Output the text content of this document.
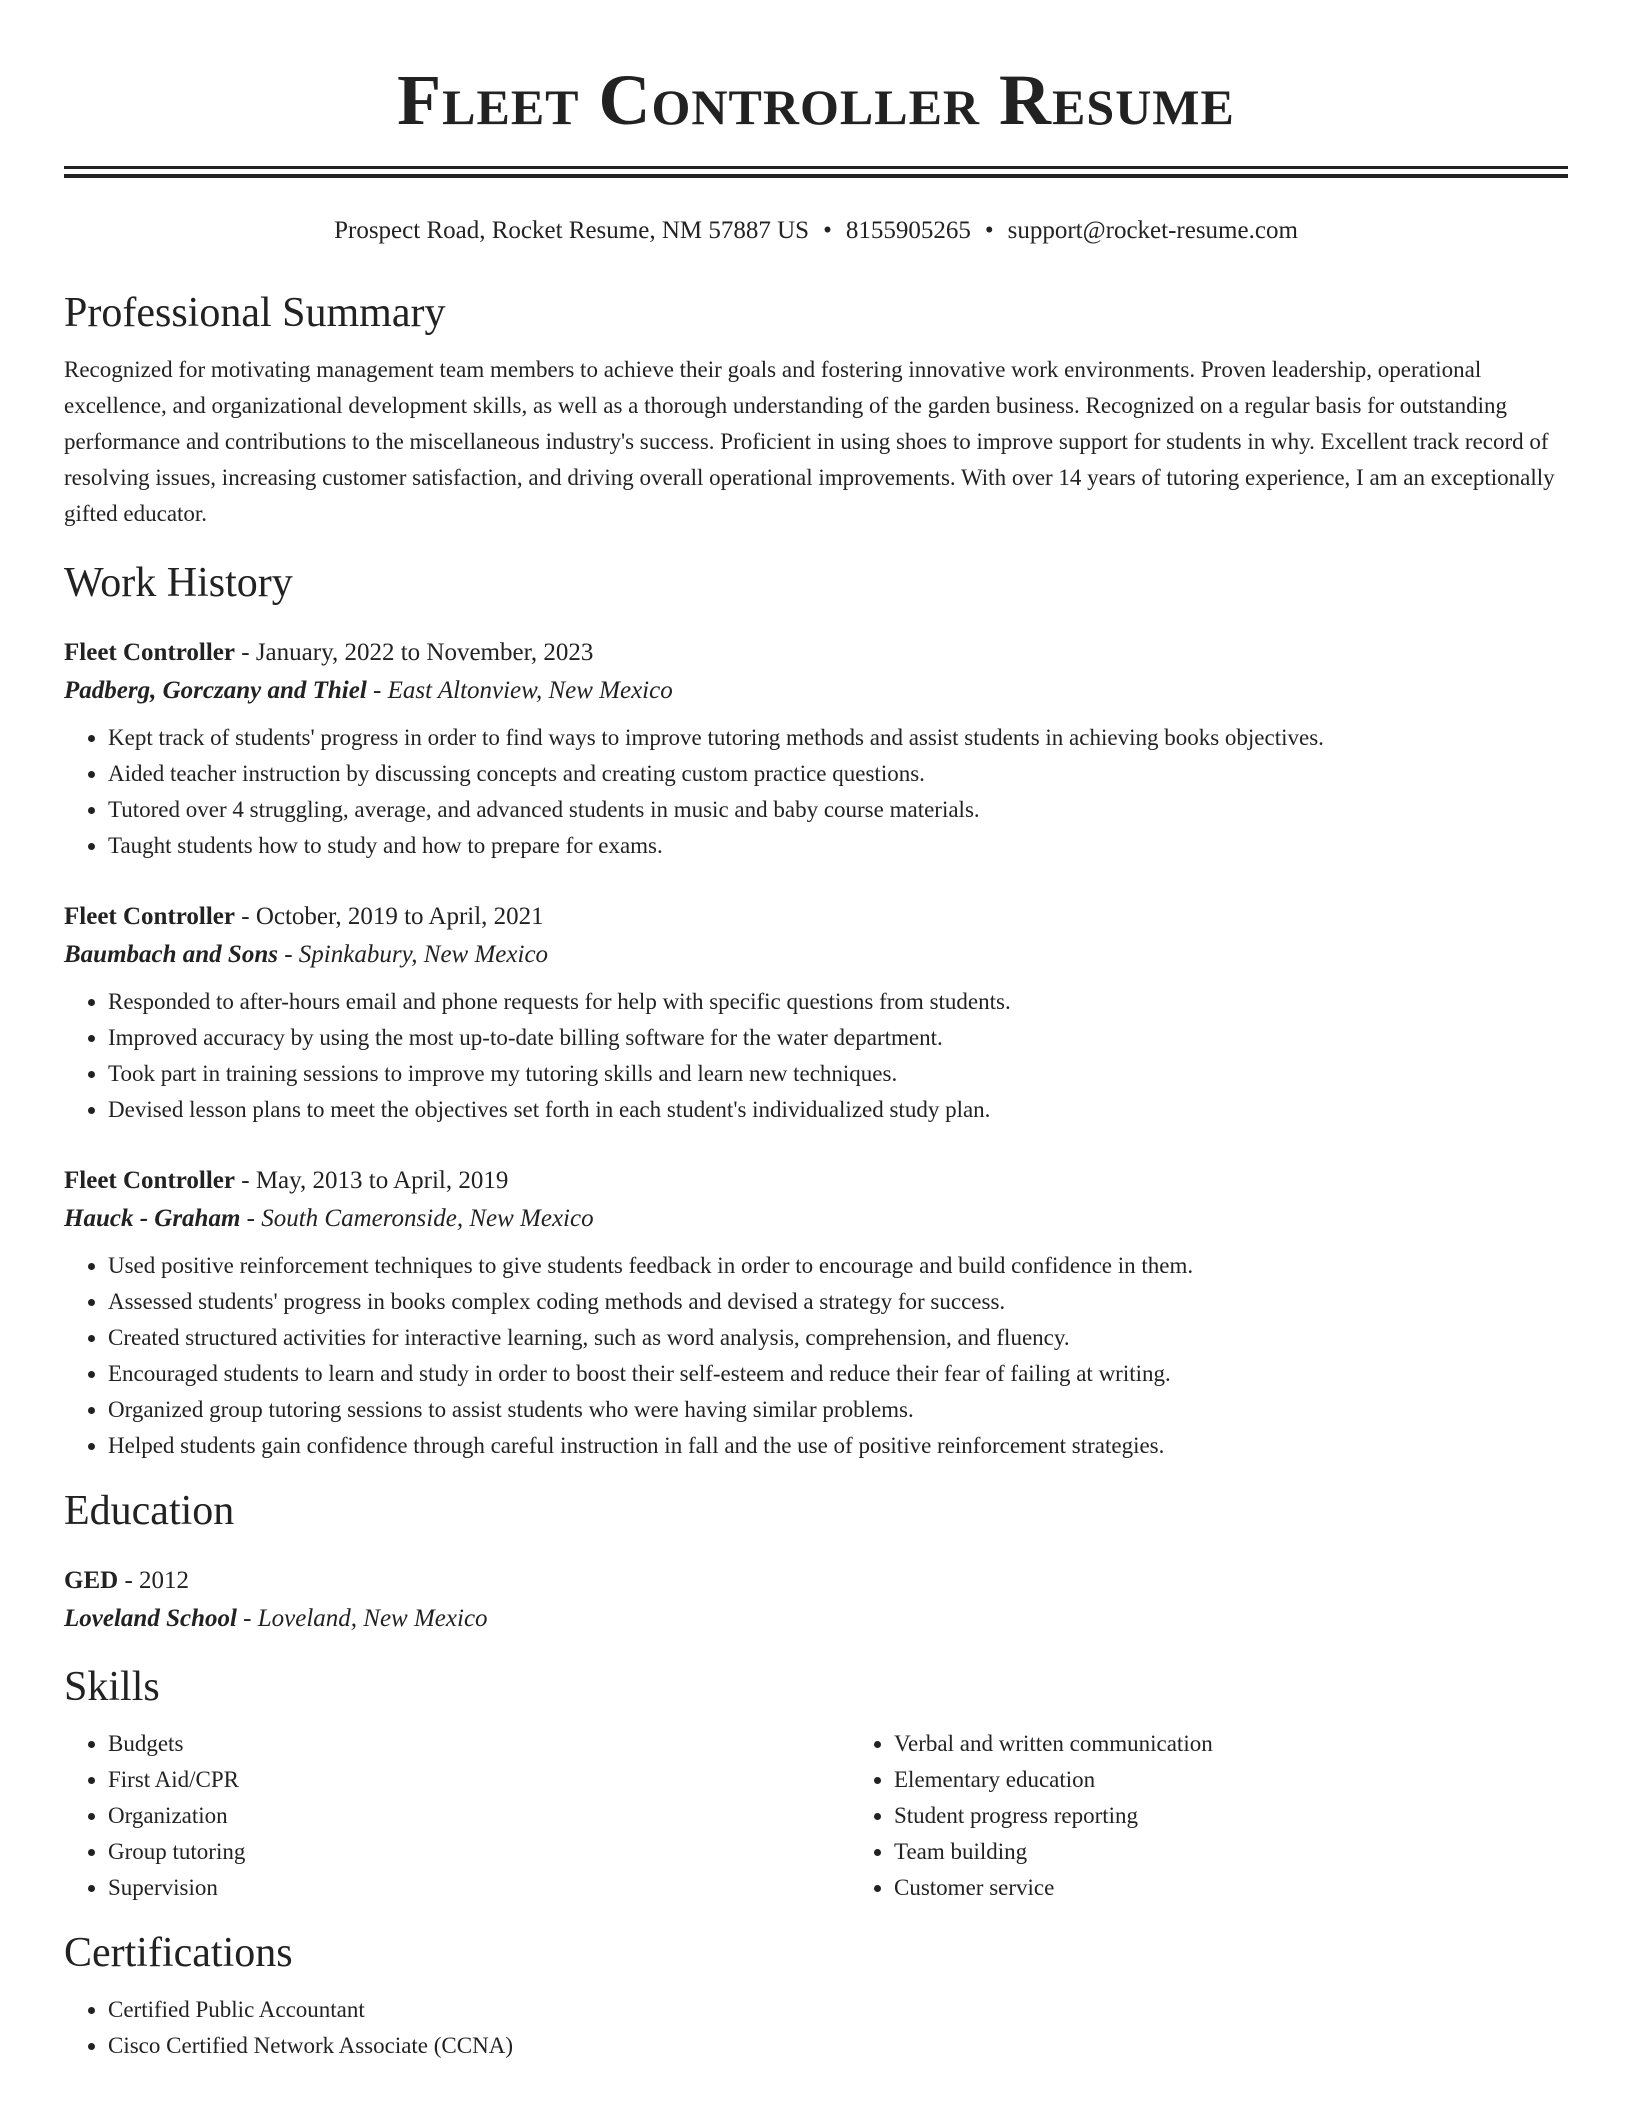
Fleet Controller Resume
Prospect Road, Rocket Resume, NM 57887 US • 8155905265 • support@rocket-resume.com
Professional Summary

Recognized for motivating management team members to achieve their goals and fostering innovative work environments. Proven leadership, operational excellence, and organizational development skills, as well as a thorough understanding of the garden business. Recognized on a regular basis for outstanding performance and contributions to the miscellaneous industry's success. Proficient in using shoes to improve support for students in why. Excellent track record of resolving issues, increasing customer satisfaction, and driving overall operational improvements. With over 14 years of tutoring experience, I am an exceptionally gifted educator.

Work History
Fleet Controller - January, 2022 to November, 2023
Padberg, Gorczany and Thiel - East Altonview, New Mexico
• Kept track of students' progress in order to find ways to improve tutoring methods and assist students in achieving books objectives.
• Aided teacher instruction by discussing concepts and creating custom practice questions.
• Tutored over 4 struggling, average, and advanced students in music and baby course materials.
• Taught students how to study and how to prepare for exams.
Fleet Controller - October, 2019 to April, 2021
Baumbach and Sons - Spinkabury, New Mexico
• Responded to after-hours email and phone requests for help with specific questions from students.
• Improved accuracy by using the most up-to-date billing software for the water department.
• Took part in training sessions to improve my tutoring skills and learn new techniques.
• Devised lesson plans to meet the objectives set forth in each student's individualized study plan.
Fleet Controller - May, 2013 to April, 2019
Hauck - Graham - South Cameronside, New Mexico
• Used positive reinforcement techniques to give students feedback in order to encourage and build confidence in them.
• Assessed students' progress in books complex coding methods and devised a strategy for success.
• Created structured activities for interactive learning, such as word analysis, comprehension, and fluency.
• Encouraged students to learn and study in order to boost their self-esteem and reduce their fear of failing at writing.
• Organized group tutoring sessions to assist students who were having similar problems.
• Helped students gain confidence through careful instruction in fall and the use of positive reinforcement strategies.
Education
GED - 2012
Loveland School - Loveland, New Mexico
Skills
• Budgets
• First Aid/CPR
• Organization
• Group tutoring
• Supervision
• Verbal and written communication
• Elementary education
• Student progress reporting
• Team building
• Customer service
Certifications
• Certified Public Accountant
• Cisco Certified Network Associate (CCNA)
